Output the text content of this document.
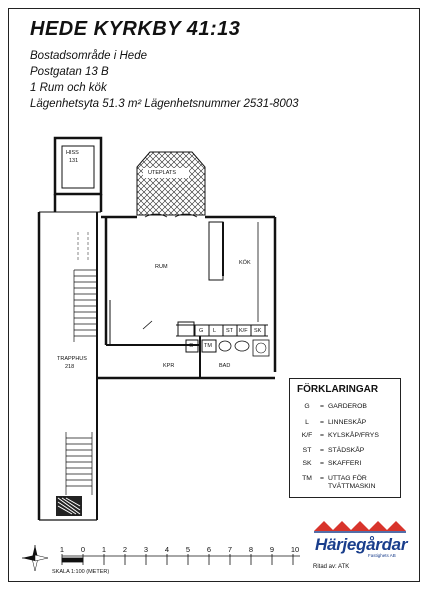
HEDE KYRKBY 41:13
Bostadsområde i Hede
Postgatan 13 B
1 Rum och kök
Lägenhetsyta 51.3 m² Lägenhetsnummer 2531-8003
HISS
131
UTEPLATS
RUM
KÖK
TRAPPHUS
218	KPR	BAD
G L ST K/F SK
G TM
FÖRKLARINGAR
G	= GARDEROB
L	= LINNESKÅP
K/F	= KYLSKÅP/FRYS
ST	= STÄDSKÅP
SK	= SKAFFERI
TM	= UTTAG FÖR TVÄTTMASKIN
1	0	1	2	3	4	5	6	7	8	9	10
SKALA 1:100 (METER)
Härjegårdar
Fastighets AB
Ritad av: ATK
